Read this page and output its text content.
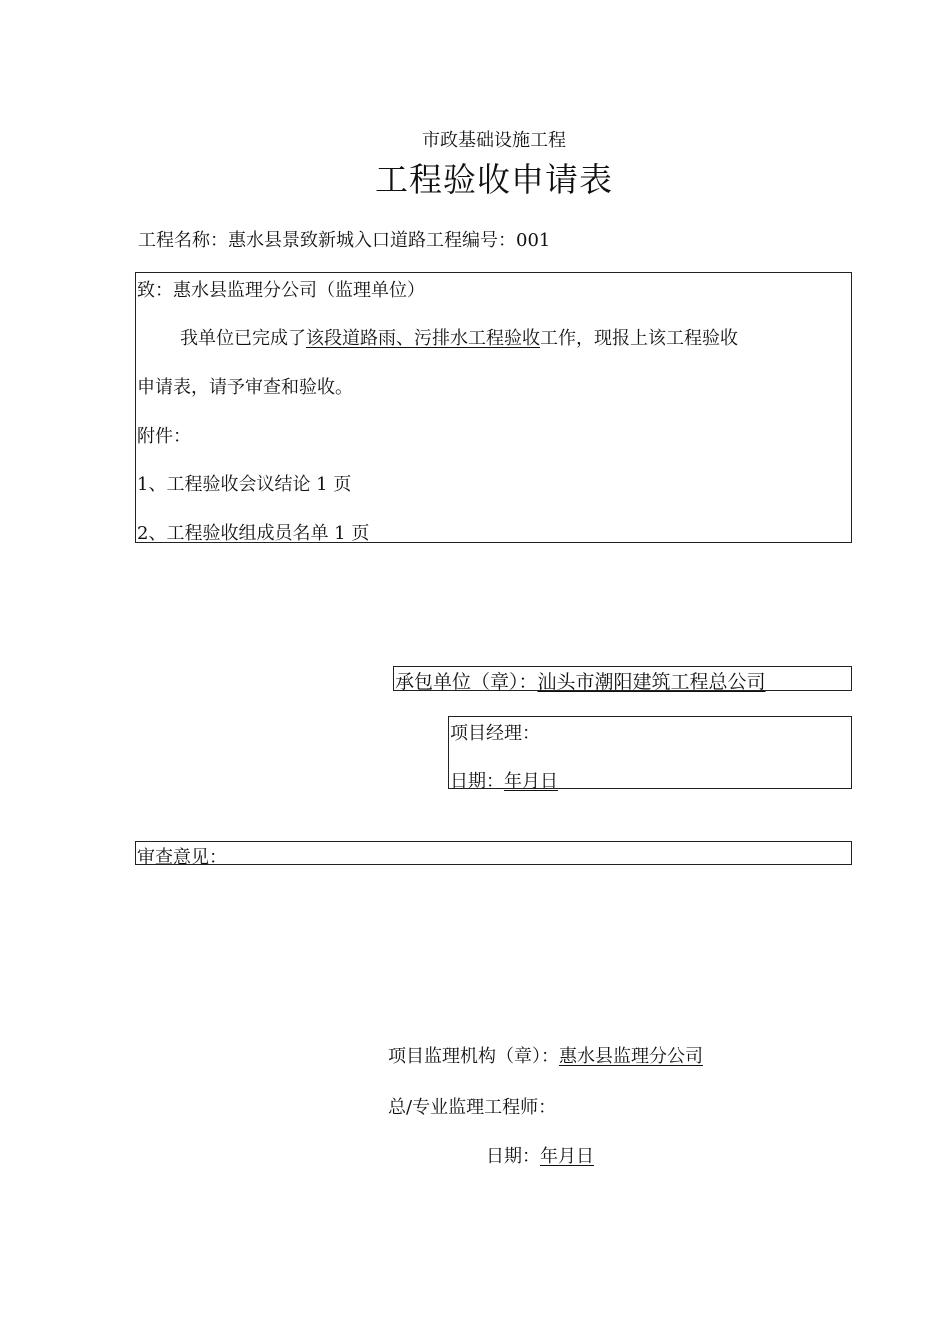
市政基础设施工程
工程验收申请表
工程名称：惠水县景致新城入口道路工程编号：001
致：惠水县监理分公司（监理单位）
我单位已完成了该段道路雨、污排水工程验收工作，现报上该工程验收
申请表，请予审查和验收。
附件：
1、工程验收会议结论 1 页
2、工程验收组成员名单 1 页
承包单位（章）：汕头市潮阳建筑工程总公司
项目经理：
日期：年月日
审查意见：
项目监理机构（章）：惠水县监理分公司
总/专业监理工程师：
日期：年月日
